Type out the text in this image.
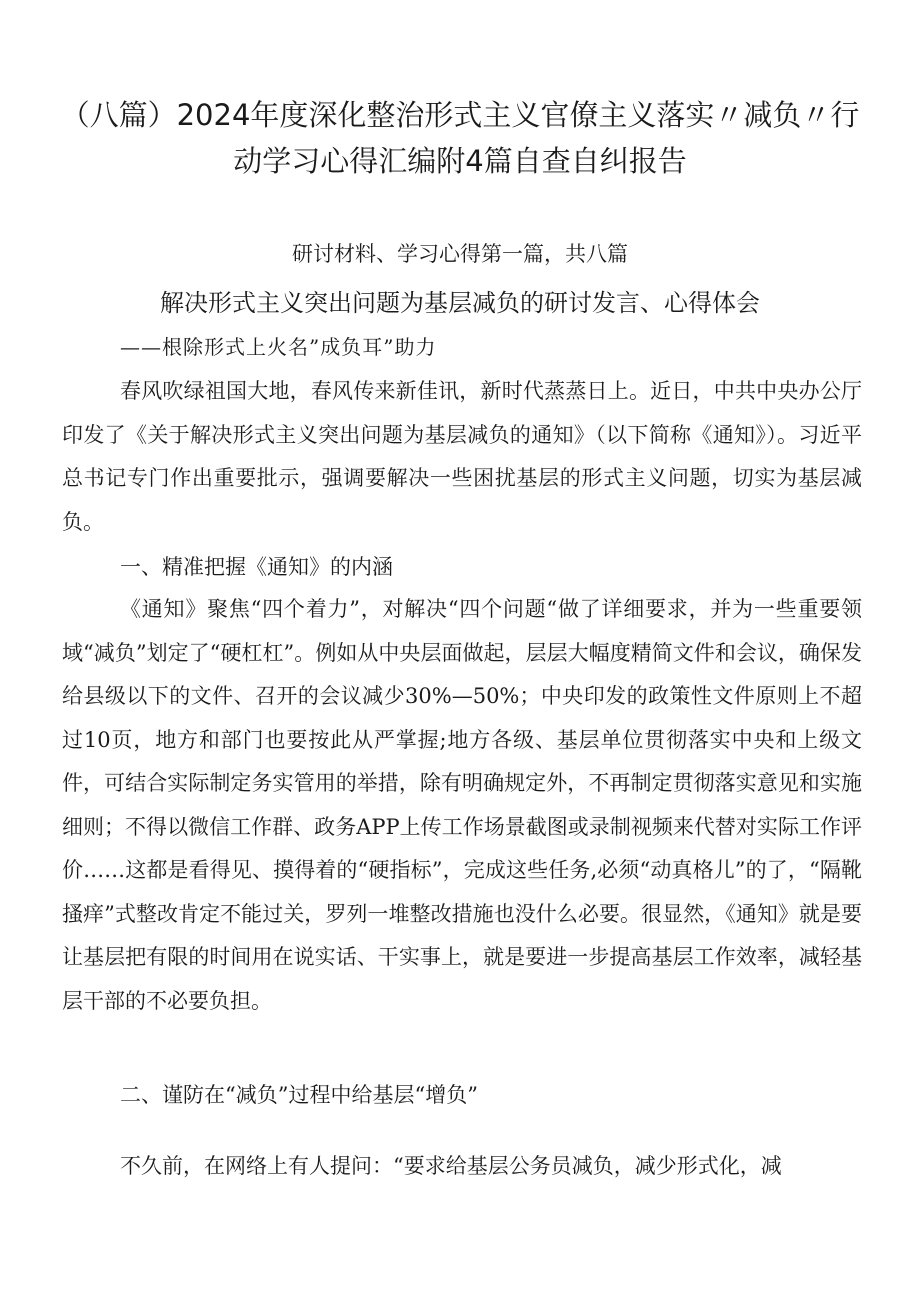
（八篇）2024年度深化整治形式主义官僚主义落实〃减负〃行动学习心得汇编附4篇自查自纠报告
研讨材料、学习心得第一篇，共八篇
解决形式主义突出问题为基层减负的研讨发言、心得体会
——根除形式上火名”成负耳”助力

春风吹绿祖国大地，春风传来新佳讯，新时代蒸蒸日上。近日，中共中央办公厅印发了《关于解决形式主义突出问题为基层减负的通知》（以下简称《通知》）。习近平总书记专门作出重要批示，强调要解决一些困扰基层的形式主义问题，切实为基层减负。

一、精准把握《通知》的内涵

《通知》聚焦“四个着力”，对解决“四个问题“做了详细要求，并为一些重要领域“减负”划定了“硬杠杠”。例如从中央层面做起，层层大幅度精简文件和会议，确保发给县级以下的文件、召开的会议减少30%—50%；中央印发的政策性文件原则上不超过10页，地方和部门也要按此从严掌握;地方各级、基层单位贯彻落实中央和上级文件，可结合实际制定务实管用的举措，除有明确规定外，不再制定贯彻落实意见和实施细则；不得以微信工作群、政务APP上传工作场景截图或录制视频来代替对实际工作评价……这都是看得见、摸得着的“硬指标”，完成这些任务,必须“动真格儿”的了，“隔靴搔痒”式整改肯定不能过关，罗列一堆整改措施也没什么必要。很显然，《通知》就是要让基层把有限的时间用在说实话、干实事上，就是要进一步提高基层工作效率，减轻基层干部的不必要负担。

二、谨防在“减负”过程中给基层“增负”

不久前，在网络上有人提问：“要求给基层公务员减负，减少形式化，减
